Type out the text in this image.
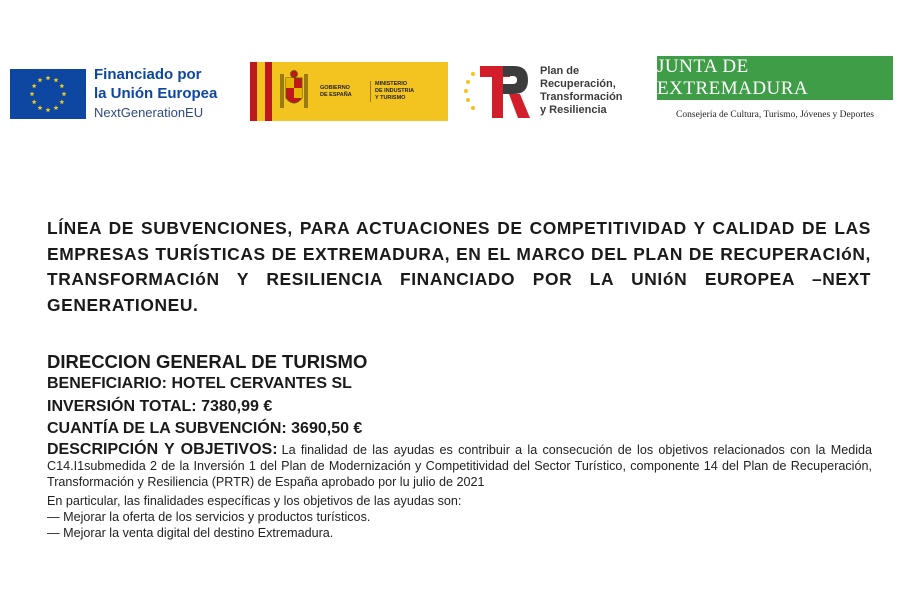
Financiado por
la Unión Europea
NextGenerationEU
GOBIERNO
DE ESPAÑA
MINISTERIO
DE INDUSTRIA
Y TURISMO
Plan de
Recuperación,
Transformación
y Resiliencia
JUNTA DE EXTREMADURA
Consejería de Cultura, Turismo, Jóvenes y Deportes
LÍNEA DE SUBVENCIONES, PARA ACTUACIONES DE COMPETITIVIDAD Y CALIDAD DE LAS EMPRESAS TURÍSTICAS DE EXTREMADURA, EN EL MARCO DEL PLAN DE RECUPERACIóN, TRANSFORMACIóN Y RESILIENCIA FINANCIADO POR LA UNIóN EUROPEA –NEXT GENERATIONEU.
DIRECCION GENERAL DE TURISMO
BENEFICIARIO: HOTEL CERVANTES SL
INVERSIÓN TOTAL: 7380,99 €
CUANTÍA DE LA SUBVENCIÓN: 3690,50 €
DESCRIPCIÓN Y OBJETIVOS: La finalidad de las ayudas es contribuir a la consecución de los objetivos relacionados con la Medida C14.I1submedida 2 de la Inversión 1 del Plan de Modernización y Competitividad del Sector Turístico, componente 14 del Plan de Recuperación, Transformación y Resiliencia (PRTR) de España aprobado por lu julio de 2021
En particular, las finalidades específicas y los objetivos de las ayudas son:
— Mejorar la oferta de los servicios y productos turísticos.
— Mejorar la venta digital del destino Extremadura.
